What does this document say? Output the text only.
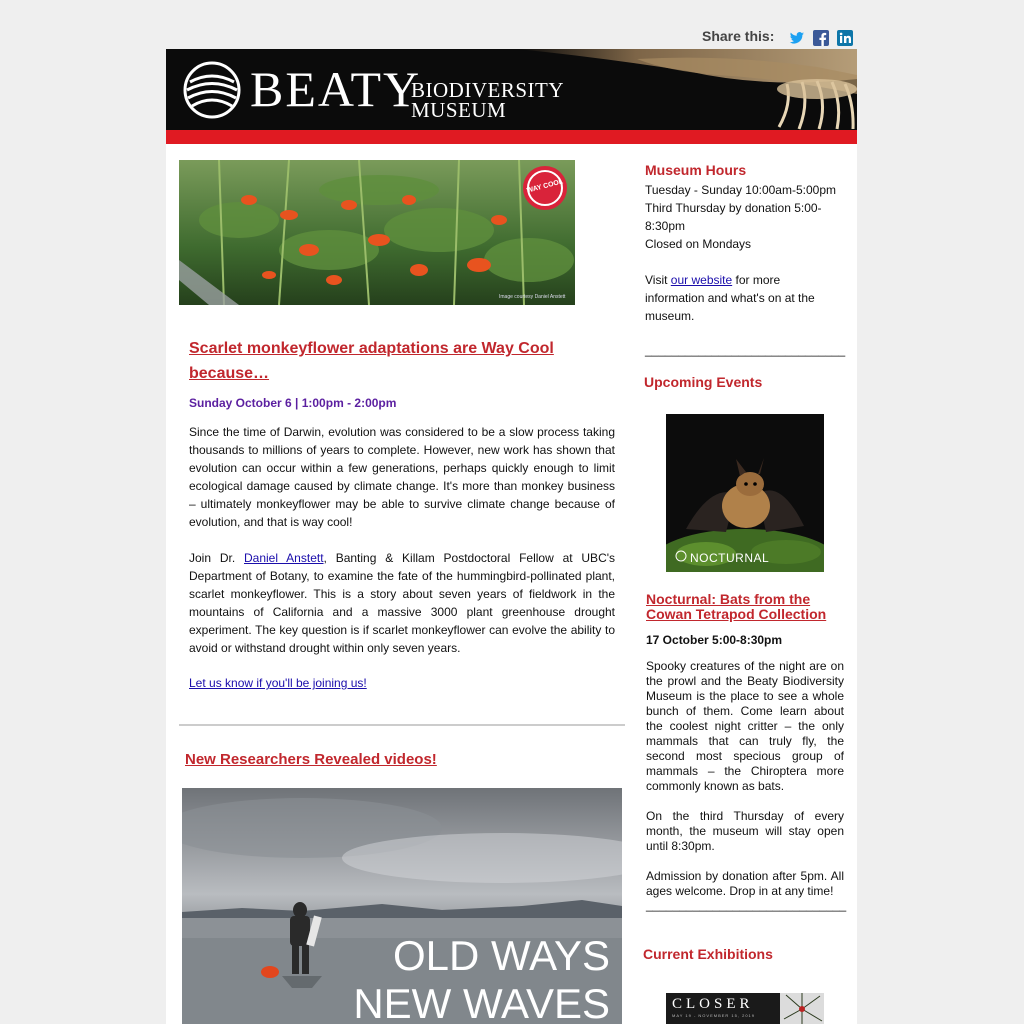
Share this:
BEATY
BIODIVERSITY
MUSEUM
WAY COOL
Image courtesy Daniel Anstett
Scarlet monkeyflower adaptations are Way Cool because…
Sunday October 6 | 1:00pm - 2:00pm

Since the time of Darwin, evolution was considered to be a slow process taking thousands to millions of years to complete. However, new work has shown that evolution can occur within a few generations, perhaps quickly enough to limit ecological damage caused by climate change. It's more than monkey business – ultimately monkeyflower may be able to survive climate change because of evolution, and that is way cool!

Join Dr. Daniel Anstett, Banting & Killam Postdoctoral Fellow at UBC's Department of Botany, to examine the fate of the hummingbird-pollinated plant, scarlet monkeyflower. This is a story about seven years of fieldwork in the mountains of California and a massive 3000 plant greenhouse drought experiment. The key question is if scarlet monkeyflower can evolve the ability to avoid or withstand drought within only seven years.

Let us know if you'll be joining us!
New Researchers Revealed videos!
OLD WAYS
NEW WAVES
Museum Hours
Tuesday - Sunday 10:00am-5:00pm
Third Thursday by donation 5:00-
8:30pm
Closed on Mondays
Visit our website for more
information and what's on at the
museum.
______________________________
Upcoming Events
NOCTURNAL
Nocturnal: Bats from the Cowan Tetrapod Collection
17 October 5:00-8:30pm

Spooky creatures of the night are on the prowl and the Beaty Biodiversity Museum is the place to see a whole bunch of them. Come learn about the coolest night critter – the only mammals that can truly fly, the second most specious group of mammals – the Chiroptera more commonly known as bats.

On the third Thursday of every month, the museum will stay open until 8:30pm.

Admission by donation after 5pm. All ages welcome. Drop in at any time!

______________________________
Current Exhibitions
CLOSER
MAY 19 - NOVEMBER 15, 2019
